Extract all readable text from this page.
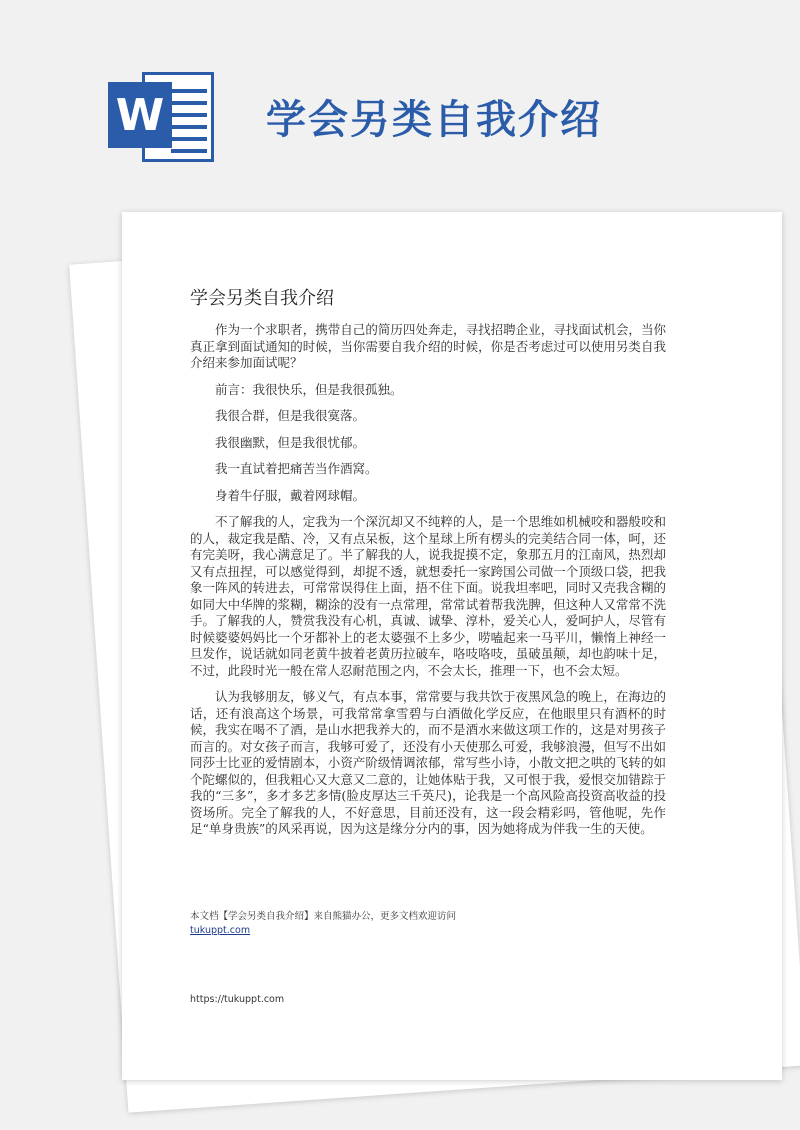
W	学会另类自我介绍
学会另类自我介绍

作为一个求职者，携带自己的简历四处奔走，寻找招聘企业，寻找面试机会，当你真正拿到面试通知的时候，当你需要自我介绍的时候，你是否考虑过可以使用另类自我介绍来参加面试呢？

前言：我很快乐，但是我很孤独。

我很合群，但是我很寞落。

我很幽默，但是我很忧郁。

我一直试着把痛苦当作酒窝。

身着牛仔服，戴着网球帽。

不了解我的人，定我为一个深沉却又不纯粹的人，是一个思维如机械咬和器般咬和的人，裁定我是酷、冷，又有点呆板，这个星球上所有楞头的完美结合同一体，呵，还有完美呀，我心满意足了。半了解我的人，说我捉摸不定，象那五月的江南风，热烈却又有点扭捏，可以感觉得到，却捉不透，就想委托一家跨国公司做一个顶级口袋，把我象一阵风的转进去，可常常误得住上面，捂不住下面。说我坦率吧，同时又壳我含糊的如同大中华牌的浆糊，糊涂的没有一点常理，常常试着帮我洗脾，但这种人又常常不洗手。了解我的人，赞赏我没有心机，真诚、诚挚、淳朴，爱关心人，爱呵护人，尽管有时候婆婆妈妈比一个牙都补上的老太婆强不上多少，唠嗑起来一马平川，懒惰上神经一旦发作，说话就如同老黄牛披着老黄历拉破车，咯吱咯吱，虽破虽颠，却也韵味十足，不过，此段时光一般在常人忍耐范围之内，不会太长，推理一下，也不会太短。

认为我够朋友，够义气，有点本事，常常要与我共饮于夜黑风急的晚上，在海边的话，还有浪高这个场景，可我常常拿雪碧与白酒做化学反应，在他眼里只有酒杯的时候，我实在喝不了酒，是山水把我养大的，而不是酒水来做这项工作的，这是对男孩子而言的。对女孩子而言，我够可爱了，还没有小天使那么可爱，我够浪漫，但写不出如同莎士比亚的爱情剧本，小资产阶级情调浓郁，常写些小诗，小散文把之哄的飞转的如个陀螺似的，但我粗心又大意又二意的，让她体贴于我，又可恨于我，爱恨交加错踪于我的“三多”，多才多艺多情(脸皮厚达三千英尺)，论我是一个高风险高投资高收益的投资场所。完全了解我的人，不好意思，目前还没有，这一段会精彩吗，管他呢，先作足“单身贵族”的风采再说，因为这是缘分分内的事，因为她将成为伴我一生的天使。

本文档【学会另类自我介绍】来自熊猫办公，更多文档欢迎访问
tukuppt.com
https://tukuppt.com
